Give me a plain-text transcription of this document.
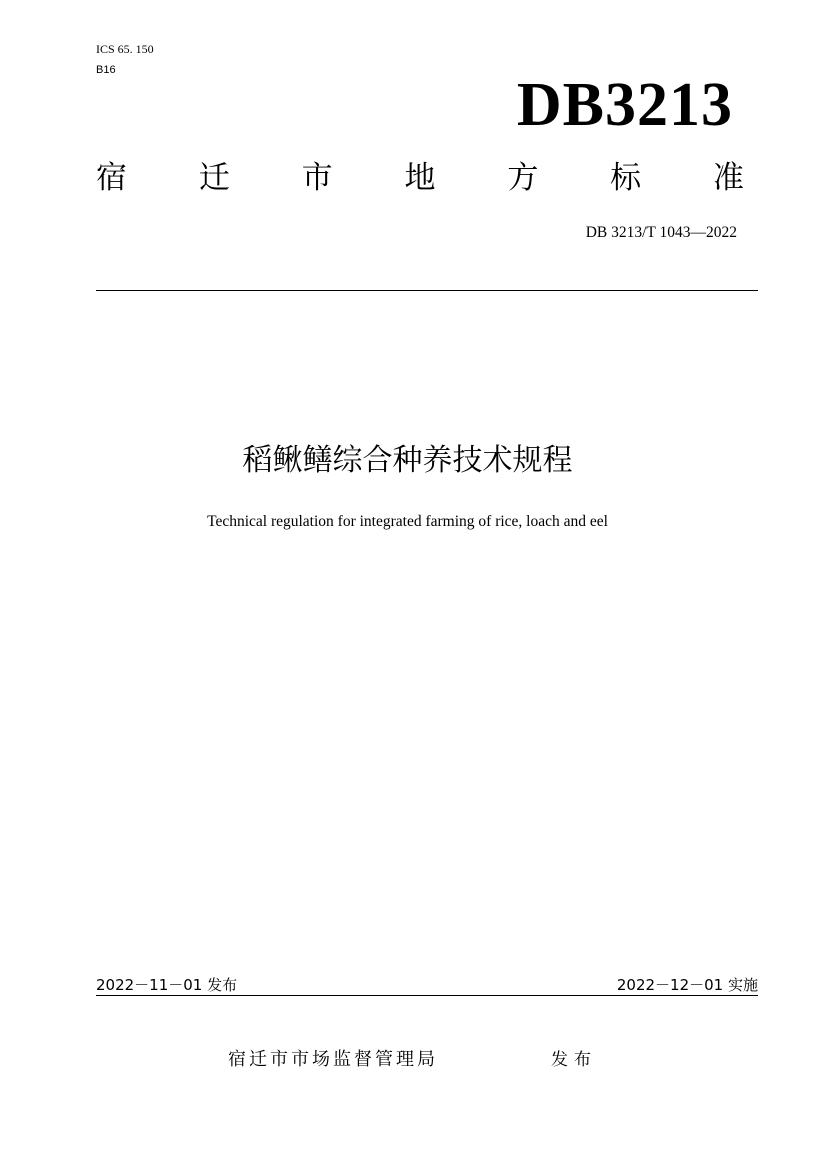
ICS 65. 150
B16
DB3213
宿 迁 市 地 方 标 准
DB 3213/T 1043—2022
稻鳅鳝综合种养技术规程
Technical regulation for integrated farming of rice, loach and eel
2022－11－01 发布	2022－12－01 实施
宿迁市市场监督管理局	发布
